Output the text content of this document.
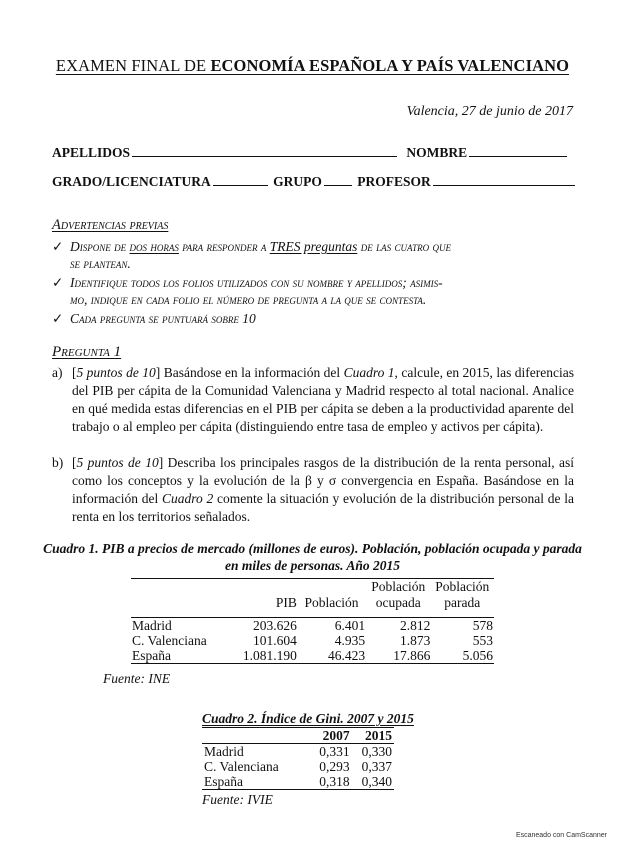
EXAMEN FINAL DE ECONOMÍA ESPAÑOLA Y PAÍS VALENCIANO
Valencia, 27 de junio de 2017
APELLIDOS	NOMBRE
GRADO/LICENCIATURA	GRUPO	PROFESOR
Advertencias previas
✓ Dispone de dos horas para responder a TRES preguntas de las cuatro que
se plantean.
✓ Identifique todos los folios utilizados con su nombre y apellidos; asimis-
mo, indique en cada folio el número de pregunta a la que se contesta.
✓ Cada pregunta se puntuará sobre 10
Pregunta 1
a) [5 puntos de 10] Basándose en la información del Cuadro 1, calcule, en 2015, las diferencias del PIB per cápita de la Comunidad Valenciana y Madrid respecto al total nacional. Analice en qué medida estas diferencias en el PIB per cápita se deben a la productividad aparente del trabajo o al empleo per cápita (distinguiendo entre tasa de empleo y activos per cápita).
b) [5 puntos de 10] Describa los principales rasgos de la distribución de la renta personal, así como los conceptos y la evolución de la β y σ convergencia en España. Basándose en la información del Cuadro 2 comente la situación y evolución de la distribución personal de la renta en los territorios señalados.
Cuadro 1. PIB a precios de mercado (millones de euros). Población, población ocupada y parada en miles de personas. Año 2015
	PIB	Población	Población ocupada	Población parada
Madrid	203.626	6.401	2.812	578
C. Valenciana	101.604	4.935	1.873	553
España	1.081.190	46.423	17.866	5.056
Fuente: INE
Cuadro 2. Índice de Gini. 2007 y 2015
	2007	2015
Madrid	0,331	0,330
C. Valenciana	0,293	0,337
España	0,318	0,340
Fuente: IVIE
Escaneado con CamScanner
